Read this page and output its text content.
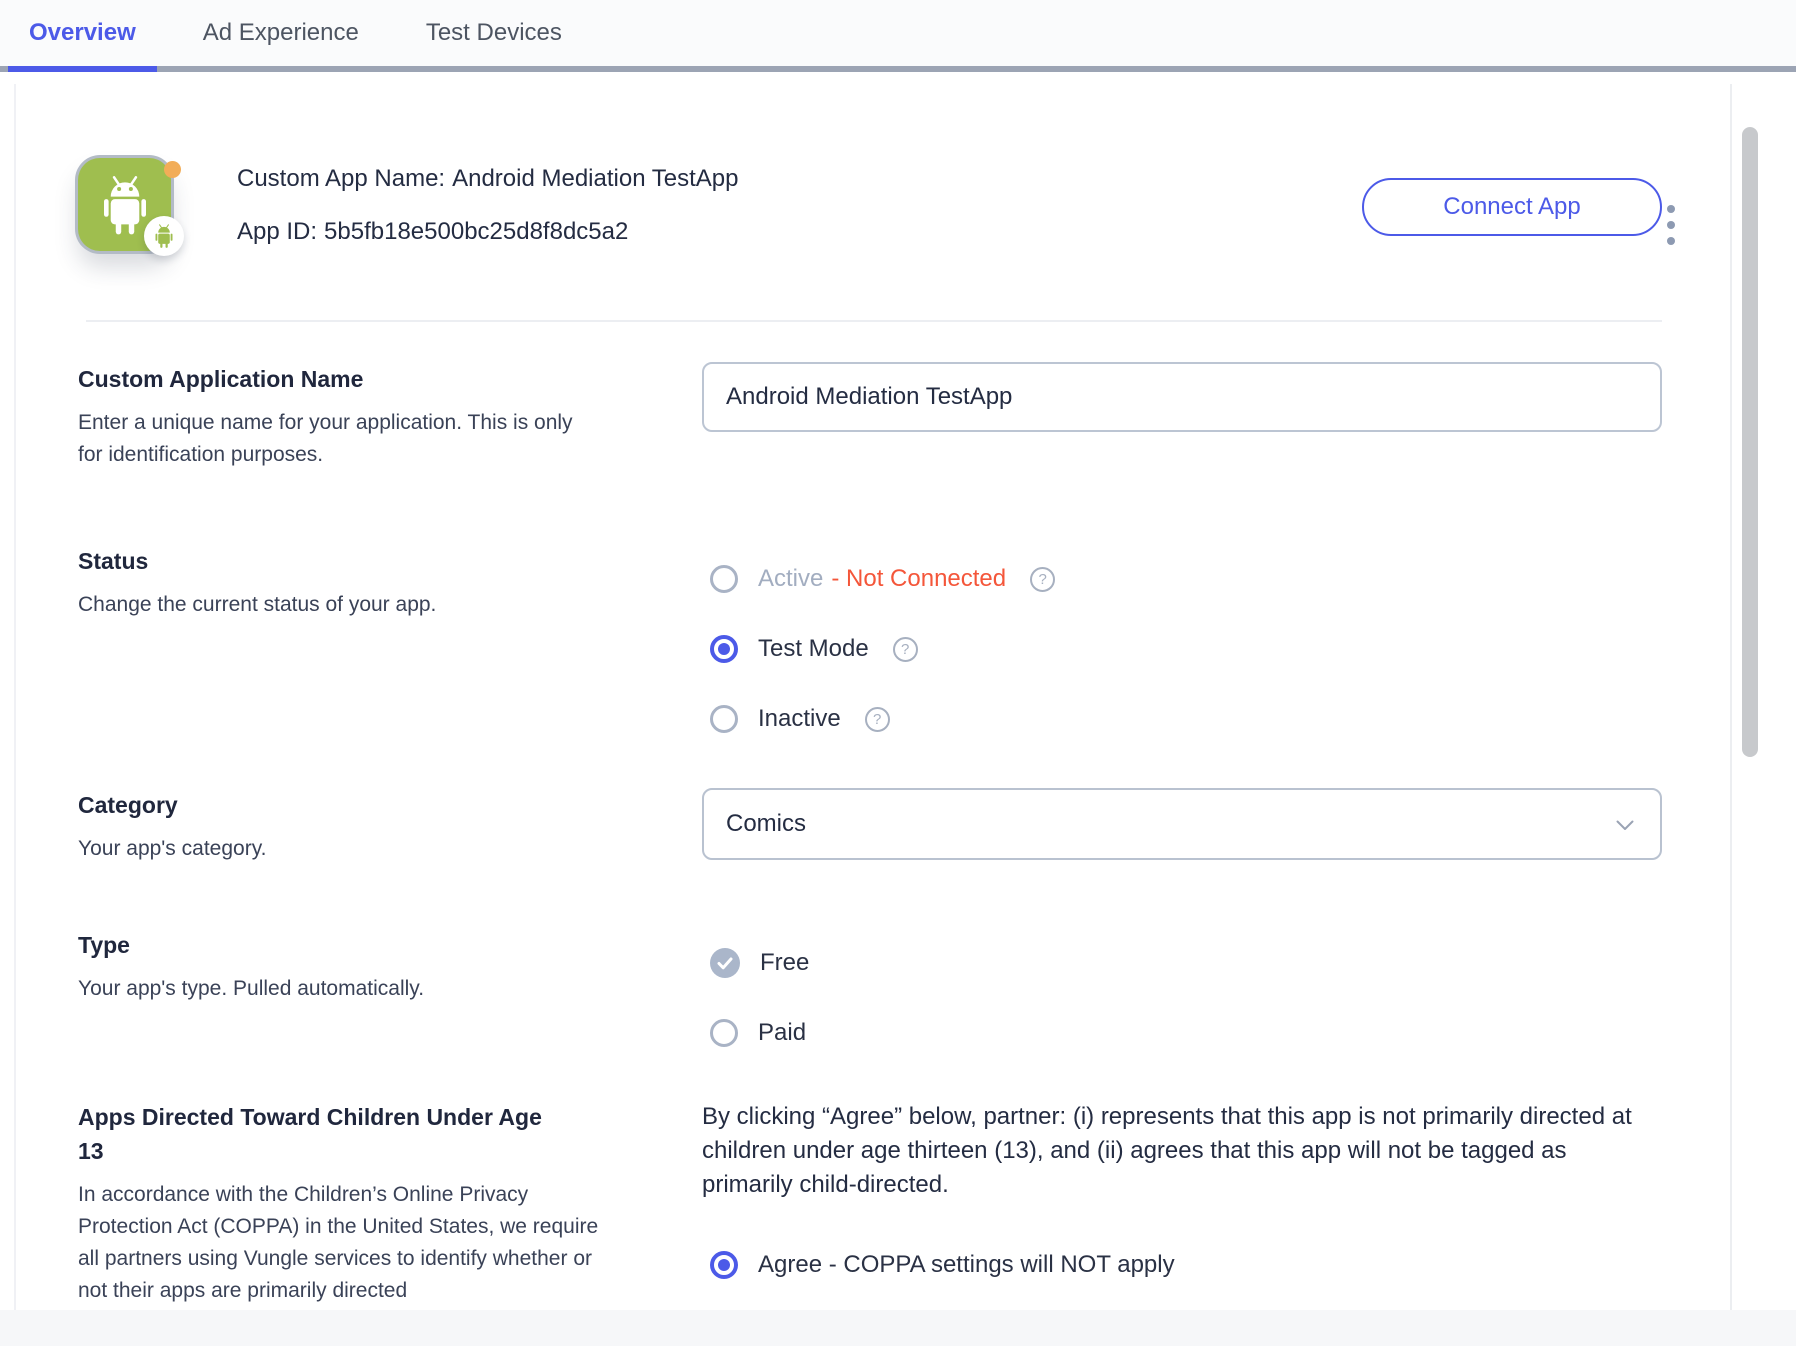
Overview	Ad Experience	Test Devices
Custom App Name: Android Mediation TestApp
App ID: 5b5fb18e500bc25d8f8dc5a2
Connect App
Custom Application Name

Enter a unique name for your application. This is only for identification purposes.

Android Mediation TestApp
Status

Change the current status of your app.

Active - Not Connected	?
Test Mode	?
Inactive	?
Category

Your app's category.

Comics
Type

Your app's type. Pulled automatically.

Free
Paid
Apps Directed Toward Children Under Age 13

In accordance with the Children’s Online Privacy Protection Act (COPPA) in the United States, we require all partners using Vungle services to identify whether or not their apps are primarily directed

By clicking “Agree” below, partner: (i) represents that this app is not primarily directed at children under age thirteen (13), and (ii) agrees that this app will not be tagged as primarily child-directed.

Agree - COPPA settings will NOT apply
